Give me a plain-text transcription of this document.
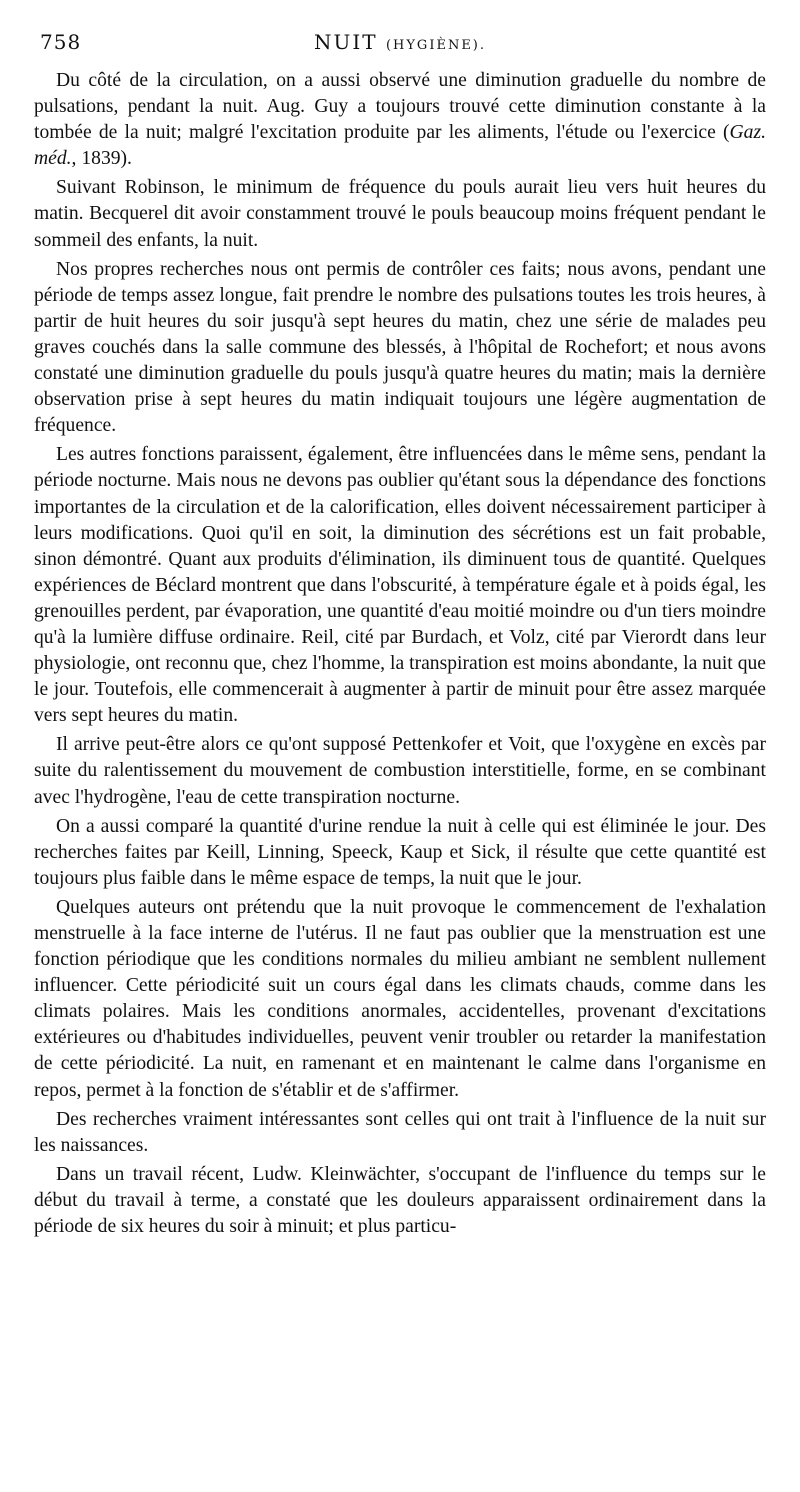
758	NUIT (HYGIÈNE).

Du côté de la circulation, on a aussi observé une diminution graduelle du nombre de pulsations, pendant la nuit. Aug. Guy a toujours trouvé cette diminution constante à la tombée de la nuit; malgré l'excitation produite par les aliments, l'étude ou l'exercice (Gaz. méd., 1839).

Suivant Robinson, le minimum de fréquence du pouls aurait lieu vers huit heures du matin. Becquerel dit avoir constamment trouvé le pouls beaucoup moins fréquent pendant le sommeil des enfants, la nuit.

Nos propres recherches nous ont permis de contrôler ces faits; nous avons, pendant une période de temps assez longue, fait prendre le nombre des pulsations toutes les trois heures, à partir de huit heures du soir jusqu'à sept heures du matin, chez une série de malades peu graves couchés dans la salle commune des blessés, à l'hôpital de Rochefort; et nous avons constaté une diminution graduelle du pouls jusqu'à quatre heures du matin; mais la dernière observation prise à sept heures du matin indiquait toujours une légère augmentation de fréquence.

Les autres fonctions paraissent, également, être influencées dans le même sens, pendant la période nocturne. Mais nous ne devons pas oublier qu'étant sous la dépendance des fonctions importantes de la circulation et de la calorification, elles doivent nécessairement participer à leurs modifications. Quoi qu'il en soit, la diminution des sécrétions est un fait probable, sinon démontré. Quant aux produits d'élimination, ils diminuent tous de quantité. Quelques expériences de Béclard montrent que dans l'obscurité, à température égale et à poids égal, les grenouilles perdent, par évaporation, une quantité d'eau moitié moindre ou d'un tiers moindre qu'à la lumière diffuse ordinaire. Reil, cité par Burdach, et Volz, cité par Vierordt dans leur physiologie, ont reconnu que, chez l'homme, la transpiration est moins abondante, la nuit que le jour. Toutefois, elle commencerait à augmenter à partir de minuit pour être assez marquée vers sept heures du matin.

Il arrive peut-être alors ce qu'ont supposé Pettenkofer et Voit, que l'oxygène en excès par suite du ralentissement du mouvement de combustion interstitielle, forme, en se combinant avec l'hydrogène, l'eau de cette transpiration nocturne.

On a aussi comparé la quantité d'urine rendue la nuit à celle qui est éliminée le jour. Des recherches faites par Keill, Linning, Speeck, Kaup et Sick, il résulte que cette quantité est toujours plus faible dans le même espace de temps, la nuit que le jour.

Quelques auteurs ont prétendu que la nuit provoque le commencement de l'exhalation menstruelle à la face interne de l'utérus. Il ne faut pas oublier que la menstruation est une fonction périodique que les conditions normales du milieu ambiant ne semblent nullement influencer. Cette périodicité suit un cours égal dans les climats chauds, comme dans les climats polaires. Mais les conditions anormales, accidentelles, provenant d'excitations extérieures ou d'habitudes individuelles, peuvent venir troubler ou retarder la manifestation de cette périodicité. La nuit, en ramenant et en maintenant le calme dans l'organisme en repos, permet à la fonction de s'établir et de s'affirmer.

Des recherches vraiment intéressantes sont celles qui ont trait à l'influence de la nuit sur les naissances.

Dans un travail récent, Ludw. Kleinwächter, s'occupant de l'influence du temps sur le début du travail à terme, a constaté que les douleurs apparaissent ordinairement dans la période de six heures du soir à minuit; et plus particu-
